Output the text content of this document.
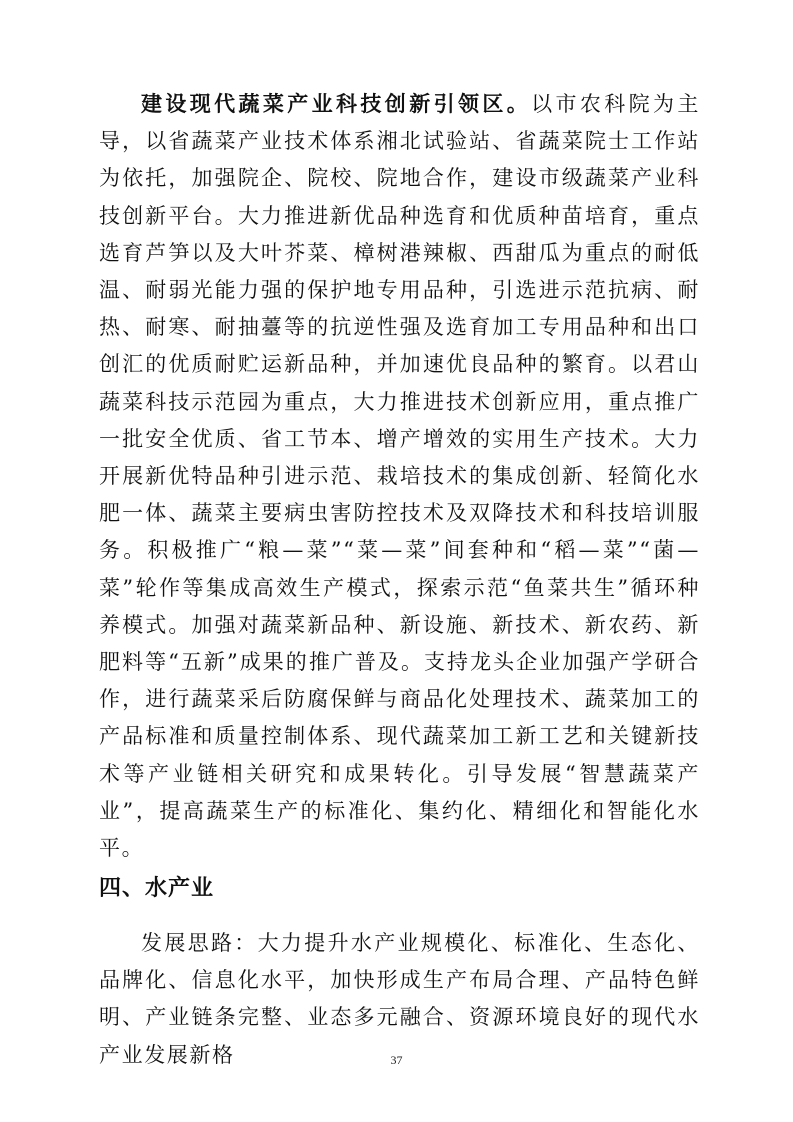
建设现代蔬菜产业科技创新引领区。以市农科院为主导，以省蔬菜产业技术体系湘北试验站、省蔬菜院士工作站为依托，加强院企、院校、院地合作，建设市级蔬菜产业科技创新平台。大力推进新优品种选育和优质种苗培育，重点选育芦笋以及大叶芥菜、樟树港辣椒、西甜瓜为重点的耐低温、耐弱光能力强的保护地专用品种，引选进示范抗病、耐热、耐寒、耐抽薹等的抗逆性强及选育加工专用品种和出口创汇的优质耐贮运新品种，并加速优良品种的繁育。以君山蔬菜科技示范园为重点，大力推进技术创新应用，重点推广一批安全优质、省工节本、增产增效的实用生产技术。大力开展新优特品种引进示范、栽培技术的集成创新、轻简化水肥一体、蔬菜主要病虫害防控技术及双降技术和科技培训服务。积极推广“粮—菜”“菜—菜”间套种和“稻—菜”“菌—菜”轮作等集成高效生产模式，探索示范“鱼菜共生”循环种养模式。加强对蔬菜新品种、新设施、新技术、新农药、新肥料等“五新”成果的推广普及。支持龙头企业加强产学研合作，进行蔬菜采后防腐保鲜与商品化处理技术、蔬菜加工的产品标准和质量控制体系、现代蔬菜加工新工艺和关键新技术等产业链相关研究和成果转化。引导发展“智慧蔬菜产业”，提高蔬菜生产的标准化、集约化、精细化和智能化水平。

四、水产业

发展思路：大力提升水产业规模化、标准化、生态化、品牌化、信息化水平，加快形成生产布局合理、产品特色鲜明、产业链条完整、业态多元融合、资源环境良好的现代水产业发展新格	37
